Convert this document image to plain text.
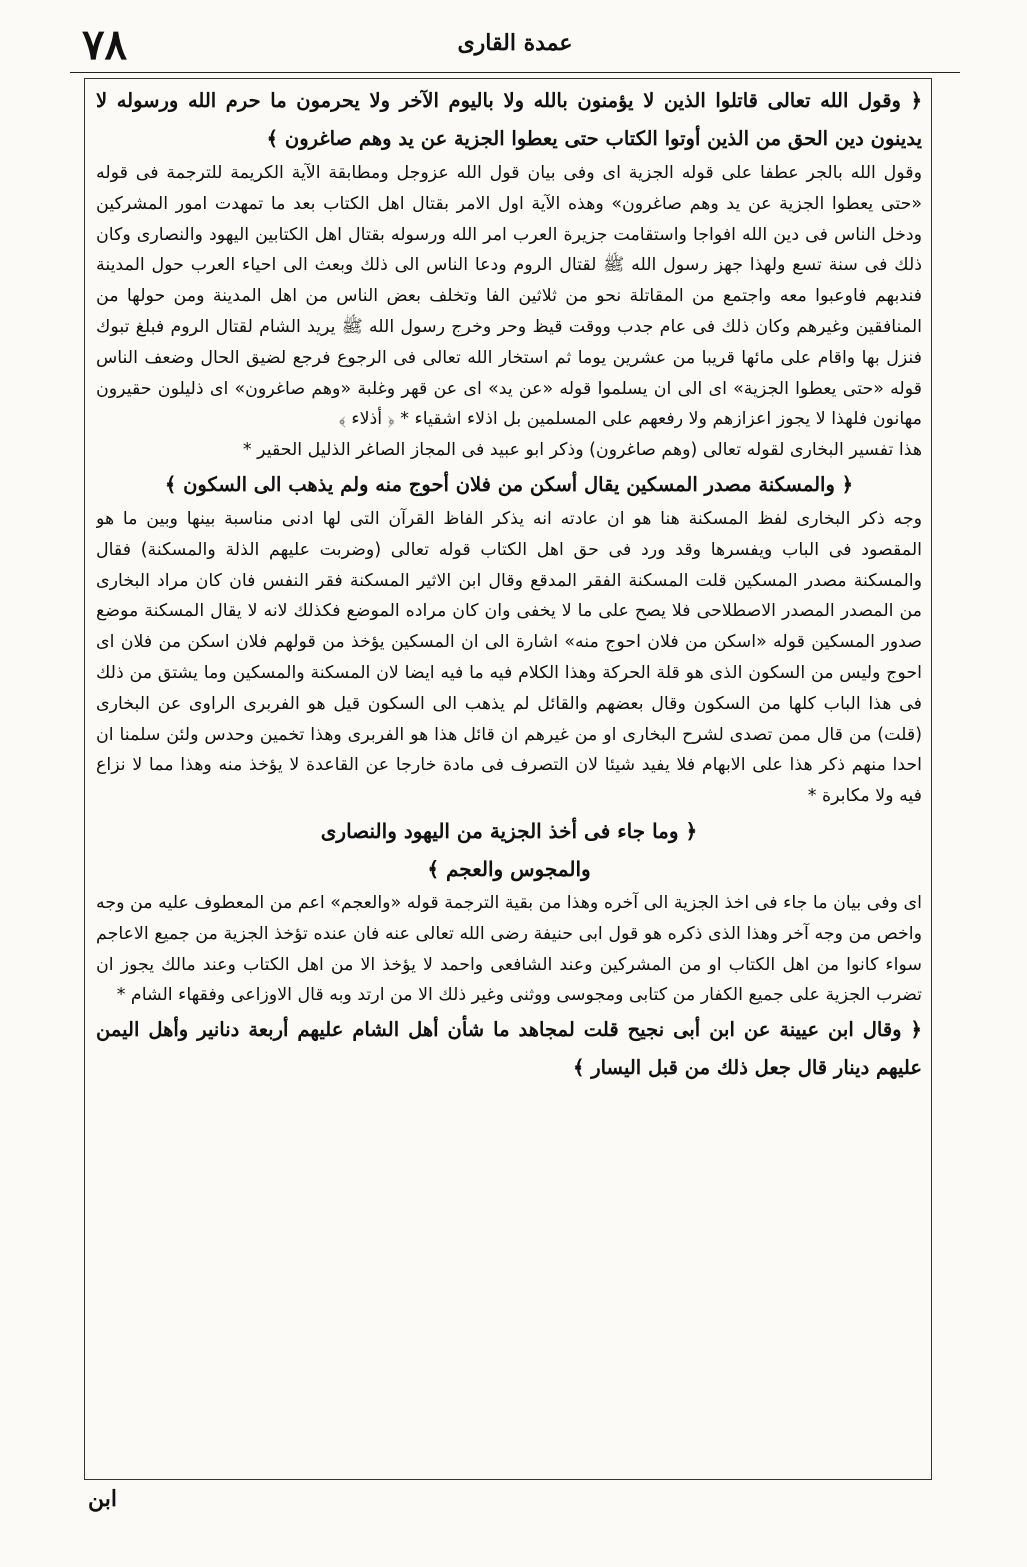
٧٨	عمدة القارى

﴿ وقول الله تعالى قاتلوا الذين لا يؤمنون بالله ولا باليوم الآخر ولا يحرمون ما حرم الله ورسوله لا يدينون دين الحق من الذين أوتوا الكتاب حتى يعطوا الجزية عن يد وهم صاغرون ﴾

وقول الله بالجر عطفا على قوله الجزية اى وفى بيان قول الله عزوجل ومطابقة الآية الكريمة للترجمة فى قوله «حتى يعطوا الجزية عن يد وهم صاغرون» وهذه الآية اول الامر بقتال اهل الكتاب بعد ما تمهدت امور المشركين ودخل الناس فى دين الله افواجا واستقامت جزيرة العرب امر الله ورسوله بقتال اهل الكتابين اليهود والنصارى وكان ذلك فى سنة تسع ولهذا جهز رسول الله ﷺ لقتال الروم ودعا الناس الى ذلك وبعث الى احياء العرب حول المدينة فندبهم فاوعبوا معه واجتمع من المقاتلة نحو من ثلاثين الفا وتخلف بعض الناس من اهل المدينة ومن حولها من المنافقين وغيرهم وكان ذلك فى عام جدب ووقت قيظ وحر وخرج رسول الله ﷺ يريد الشام لقتال الروم فبلغ تبوك فنزل بها واقام على مائها قريبا من عشرين يوما ثم استخار الله تعالى فى الرجوع فرجع لضيق الحال وضعف الناس قوله «حتى يعطوا الجزية» اى الى ان يسلموا قوله «عن يد» اى عن قهر وغلبة «وهم صاغرون» اى ذليلون حقيرون مهانون فلهذا لا يجوز اعزازهم ولا رفعهم على المسلمين بل اذلاء اشقياء * ﴿ أذلاء ﴾

هذا تفسير البخارى لقوله تعالى (وهم صاغرون) وذكر ابو عبيد فى المجاز الصاغر الذليل الحقير *

﴿ والمسكنة مصدر المسكين يقال أسكن من فلان أحوج منه ولم يذهب الى السكون ﴾

وجه ذكر البخارى لفظ المسكنة هنا هو ان عادته انه يذكر الفاظ القرآن التى لها ادنى مناسبة بينها وبين ما هو المقصود فى الباب ويفسرها وقد ورد فى حق اهل الكتاب قوله تعالى (وضربت عليهم الذلة والمسكنة) فقال والمسكنة مصدر المسكين قلت المسكنة الفقر المدقع وقال ابن الاثير المسكنة فقر النفس فان كان مراد البخارى من المصدر المصدر الاصطلاحى فلا يصح على ما لا يخفى وان كان مراده الموضع فكذلك لانه لا يقال المسكنة موضع صدور المسكين قوله «اسكن من فلان احوج منه» اشارة الى ان المسكين يؤخذ من قولهم فلان اسكن من فلان اى احوج وليس من السكون الذى هو قلة الحركة وهذا الكلام فيه ما فيه ايضا لان المسكنة والمسكين وما يشتق من ذلك فى هذا الباب كلها من السكون وقال بعضهم والقائل لم يذهب الى السكون قيل هو الفربرى الراوى عن البخارى (قلت) من قال ممن تصدى لشرح البخارى او من غيرهم ان قائل هذا هو الفربرى وهذا تخمين وحدس ولئن سلمنا ان احدا منهم ذكر هذا على الابهام فلا يفيد شيئا لان التصرف فى مادة خارجا عن القاعدة لا يؤخذ منه وهذا مما لا نزاع فيه ولا مكابرة *

﴿ وما جاء فى أخذ الجزية من اليهود والنصارى

والمجوس والعجم ﴾

اى وفى بيان ما جاء فى اخذ الجزية الى آخره وهذا من بقية الترجمة قوله «والعجم» اعم من المعطوف عليه من وجه واخص من وجه آخر وهذا الذى ذكره هو قول ابى حنيفة رضى الله تعالى عنه فان عنده تؤخذ الجزية من جميع الاعاجم سواء كانوا من اهل الكتاب او من المشركين وعند الشافعى واحمد لا يؤخذ الا من اهل الكتاب وعند مالك يجوز ان تضرب الجزية على جميع الكفار من كتابى ومجوسى ووثنى وغير ذلك الا من ارتد وبه قال الاوزاعى وفقهاء الشام *

﴿ وقال ابن عيينة عن ابن أبى نجيح قلت لمجاهد ما شأن أهل الشام عليهم أربعة دنانير وأهل اليمن عليهم دينار قال جعل ذلك من قبل اليسار ﴾

ابن
